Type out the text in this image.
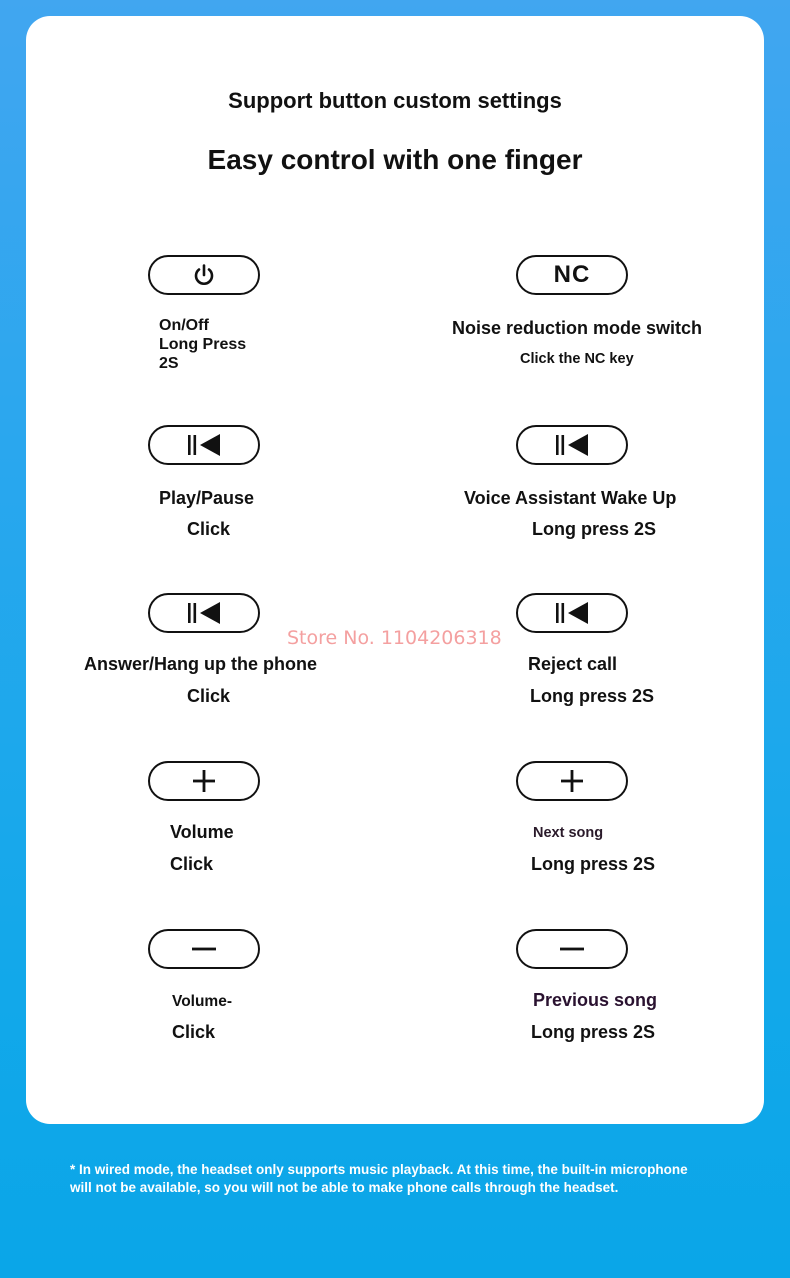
Support button custom settings
Easy control with one finger
On/Off
Long Press
2S
NC
Noise reduction mode switch
Click the NC key
Play/Pause
Click
Voice Assistant Wake Up
Long press 2S
Answer/Hang up the phone
Click
Reject call
Long press 2S
Store No. 1104206318
Volume
Click
Next song
Long press 2S
Volume-
Click
Previous song
Long press 2S
* In wired mode, the headset only supports music playback. At this time, the built-in microphone will not be available, so you will not be able to make phone calls through the headset.
